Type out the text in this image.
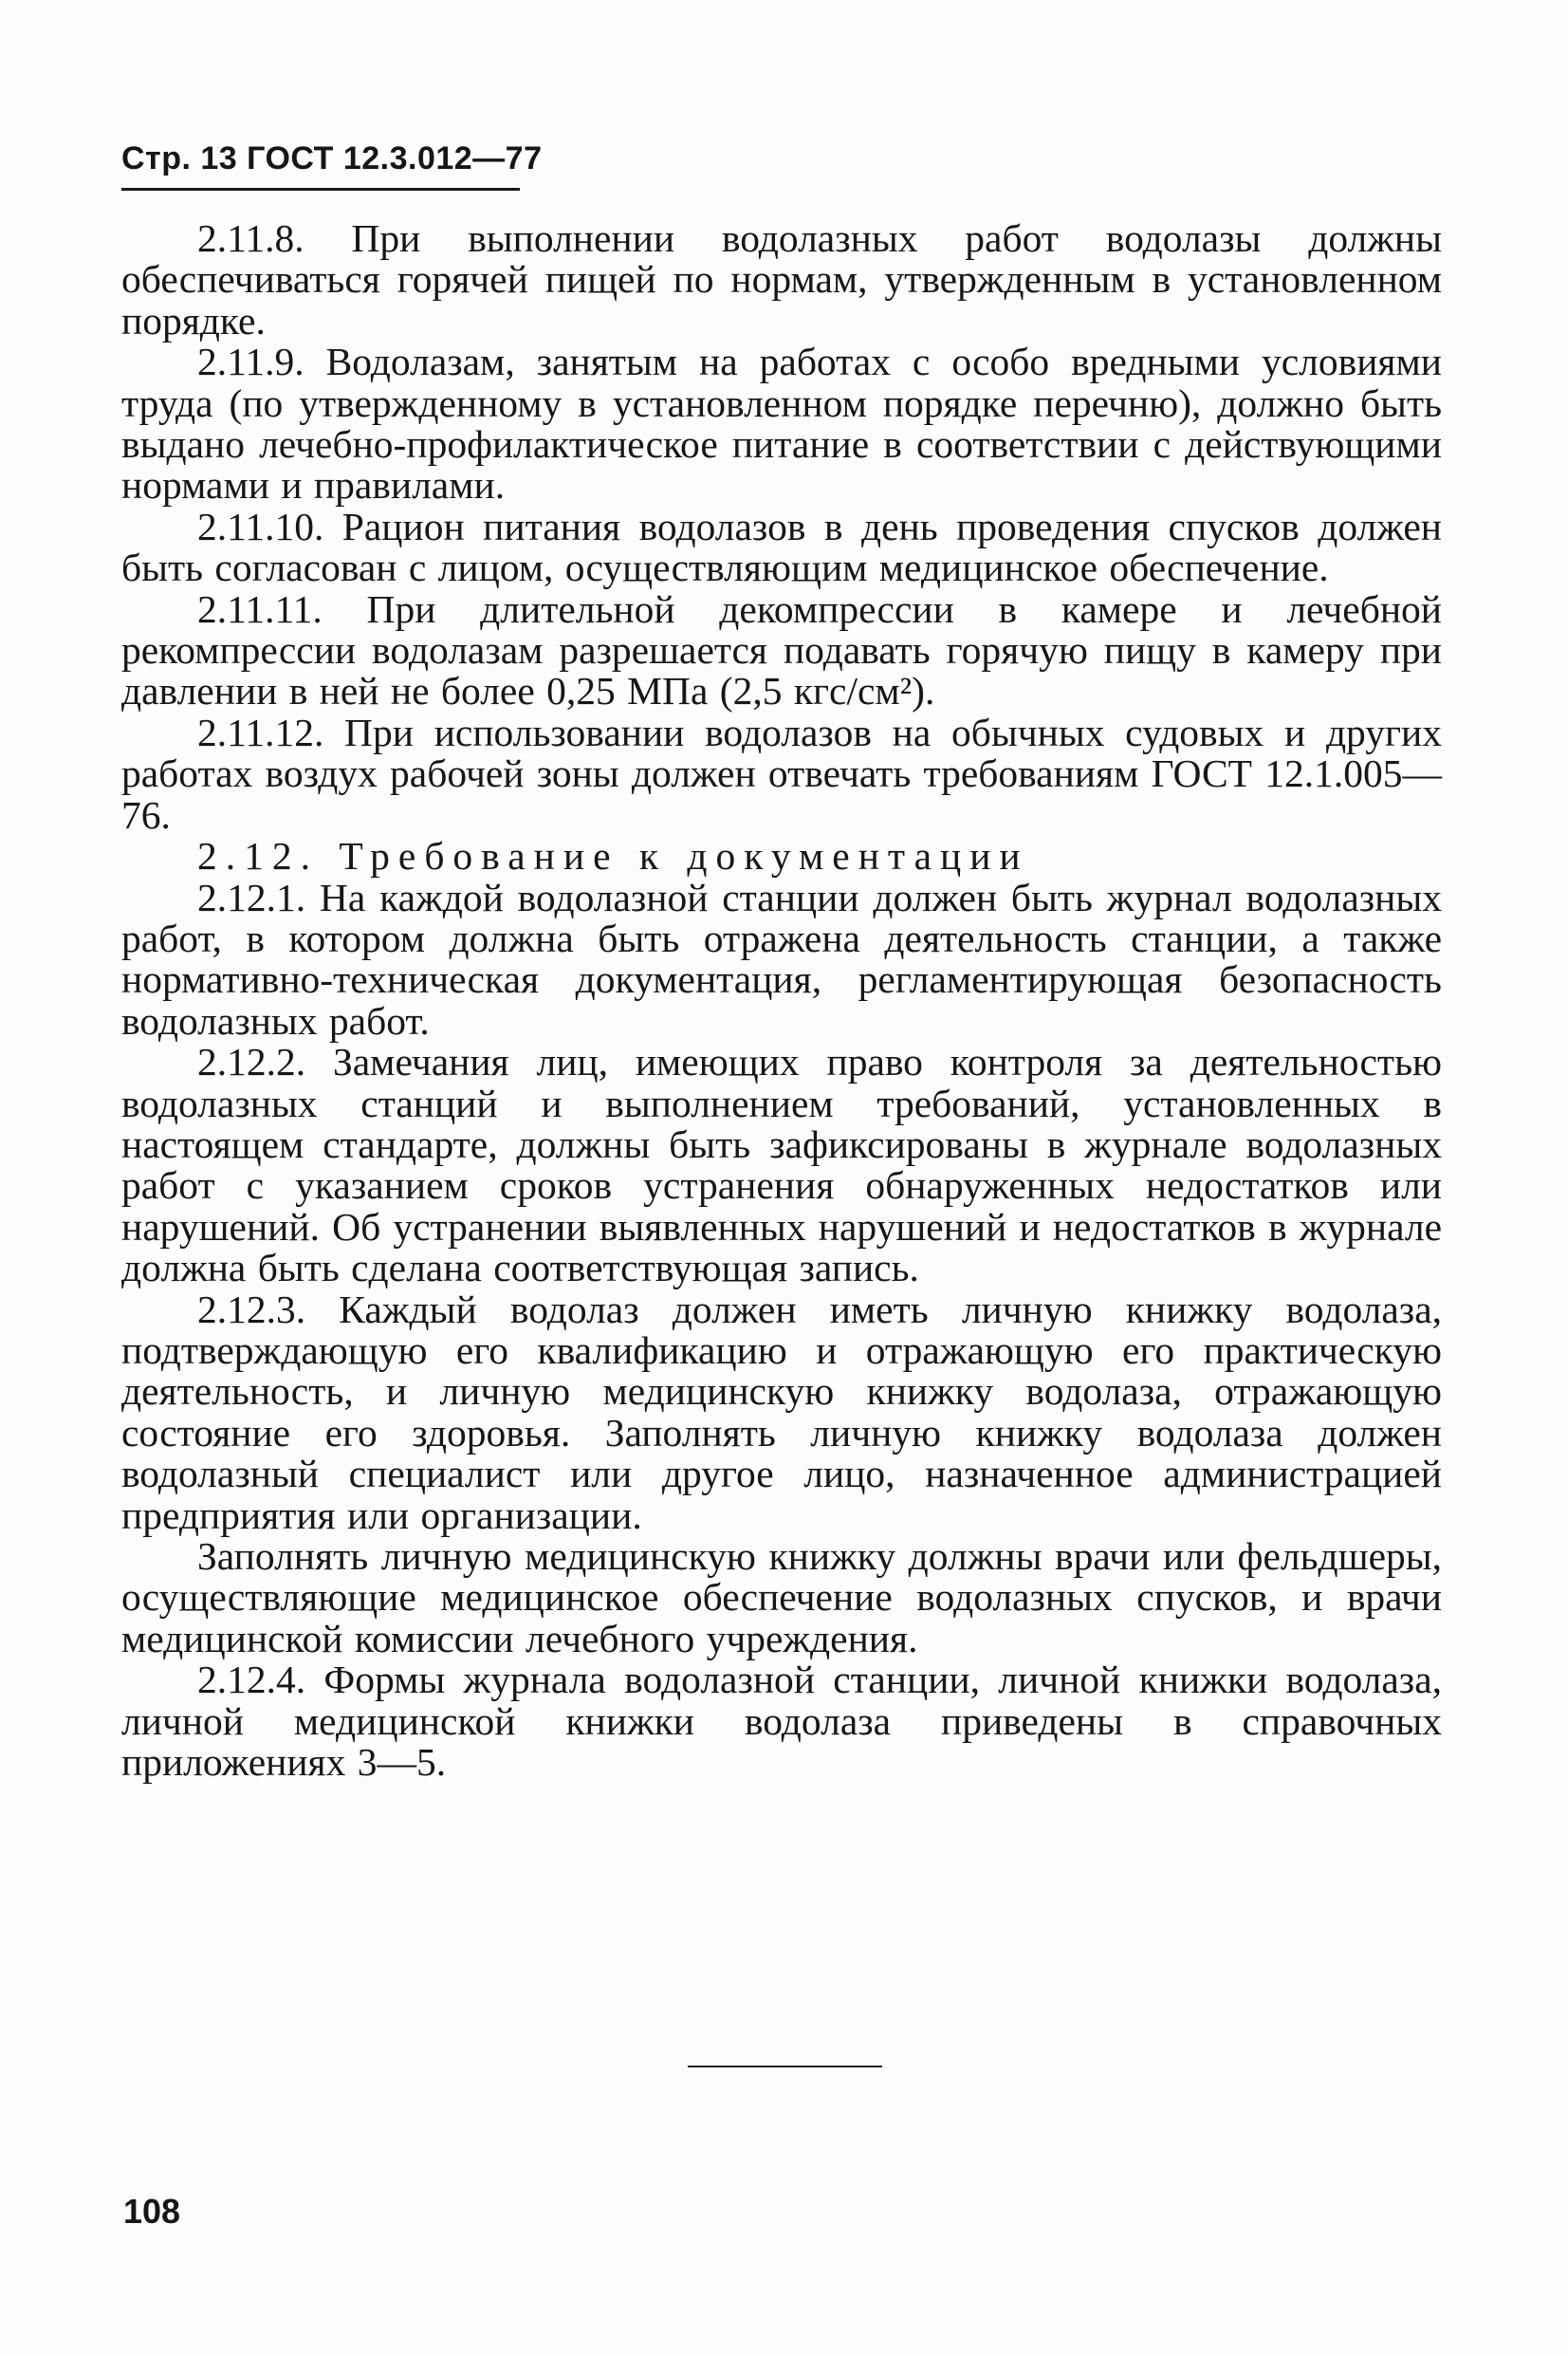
Стр. 13 ГОСТ 12.3.012—77

2.11.8. При выполнении водолазных работ водолазы должны обеспечиваться горячей пищей по нормам, утвержденным в установленном порядке.

2.11.9. Водолазам, занятым на работах с особо вредными условиями труда (по утвержденному в установленном порядке перечню), должно быть выдано лечебно-профилактическое питание в соответствии с действующими нормами и правилами.

2.11.10. Рацион питания водолазов в день проведения спусков должен быть согласован с лицом, осуществляющим медицинское обеспечение.

2.11.11. При длительной декомпрессии в камере и лечебной рекомпрессии водолазам разрешается подавать горячую пищу в камеру при давлении в ней не более 0,25 МПа (2,5 кгс/см²).

2.11.12. При использовании водолазов на обычных судовых и других работах воздух рабочей зоны должен отвечать требованиям ГОСТ 12.1.005—76.

2.12. Требование к документации

2.12.1. На каждой водолазной станции должен быть журнал водолазных работ, в котором должна быть отражена деятельность станции, а также нормативно-техническая документация, регламентирующая безопасность водолазных работ.

2.12.2. Замечания лиц, имеющих право контроля за деятельностью водолазных станций и выполнением требований, установленных в настоящем стандарте, должны быть зафиксированы в журнале водолазных работ с указанием сроков устранения обнаруженных недостатков или нарушений. Об устранении выявленных нарушений и недостатков в журнале должна быть сделана соответствующая запись.

2.12.3. Каждый водолаз должен иметь личную книжку водолаза, подтверждающую его квалификацию и отражающую его практическую деятельность, и личную медицинскую книжку водолаза, отражающую состояние его здоровья. Заполнять личную книжку водолаза должен водолазный специалист или другое лицо, назначенное администрацией предприятия или организации.

Заполнять личную медицинскую книжку должны врачи или фельдшеры, осуществляющие медицинское обеспечение водолазных спусков, и врачи медицинской комиссии лечебного учреждения.

2.12.4. Формы журнала водолазной станции, личной книжки водолаза, личной медицинской книжки водолаза приведены в справочных приложениях 3—5.

108
